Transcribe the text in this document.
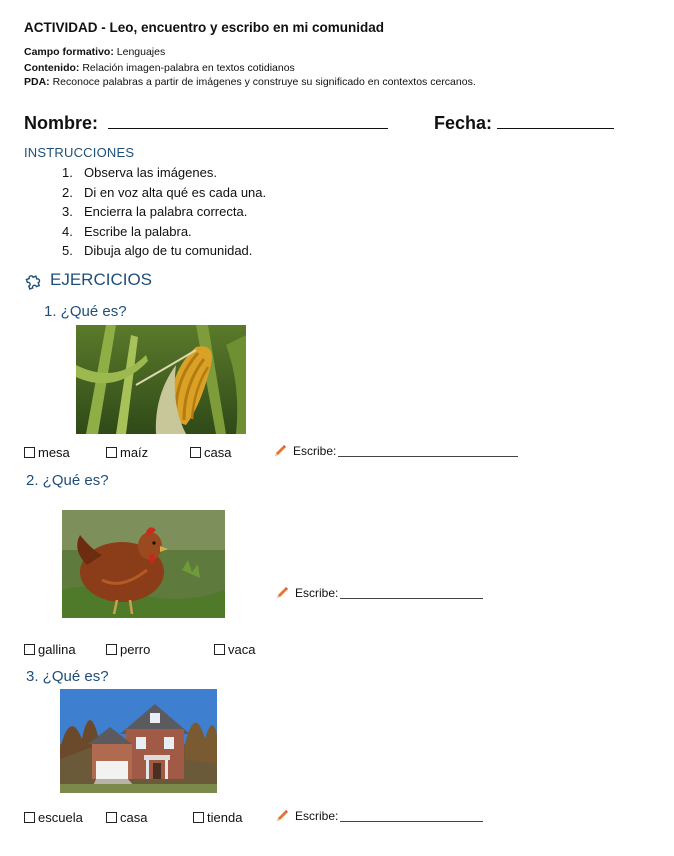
ACTIVIDAD - Leo, encuentro y escribo en mi comunidad
Campo formativo: Lenguajes
Contenido: Relación imagen-palabra en textos cotidianos
PDA: Reconoce palabras a partir de imágenes y construye su significado en contextos cercanos.
Nombre:	Fecha:
INSTRUCCIONES
1. Observa las imágenes.
2. Di en voz alta qué es cada una.
3. Encierra la palabra correcta.
4. Escribe la palabra.
5. Dibuja algo de tu comunidad.
EJERCICIOS
1. ¿Qué es?
mesa	maíz	casa	Escribe:
2. ¿Qué es?
Escribe:
gallina	perro	vaca
3. ¿Qué es?
escuela	casa	tienda	Escribe:
